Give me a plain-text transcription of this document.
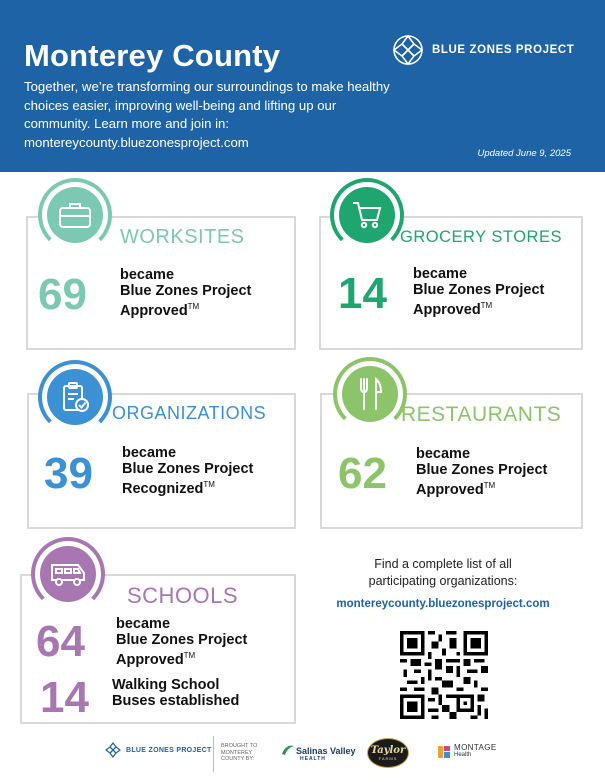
Monterey County
Together, we’re transforming our surroundings to make healthy choices easier, improving well-being and lifting up our community. Learn more and join in: montereycounty.bluezonesproject.com
Updated June 9, 2025
BLUE ZONES PROJECT
WORKSITES
69 became
Blue Zones Project
Approved™
GROCERY STORES
14 became
Blue Zones Project
Approved™
ORGANIZATIONS
39 became
Blue Zones Project
Recognized™
RESTAURANTS
62 became
Blue Zones Project
Approved™
SCHOOLS
64 became
Blue Zones Project
Approved™
14 Walking School
Buses established
Find a complete list of all
participating organizations:
montereycounty.bluezonesproject.com
BLUE ZONES PROJECT
BROUGHT TO
MONTEREY
COUNTY BY:
Salinas Valley
HEALTH
Taylor
FARMS
MONTAGE
Health
